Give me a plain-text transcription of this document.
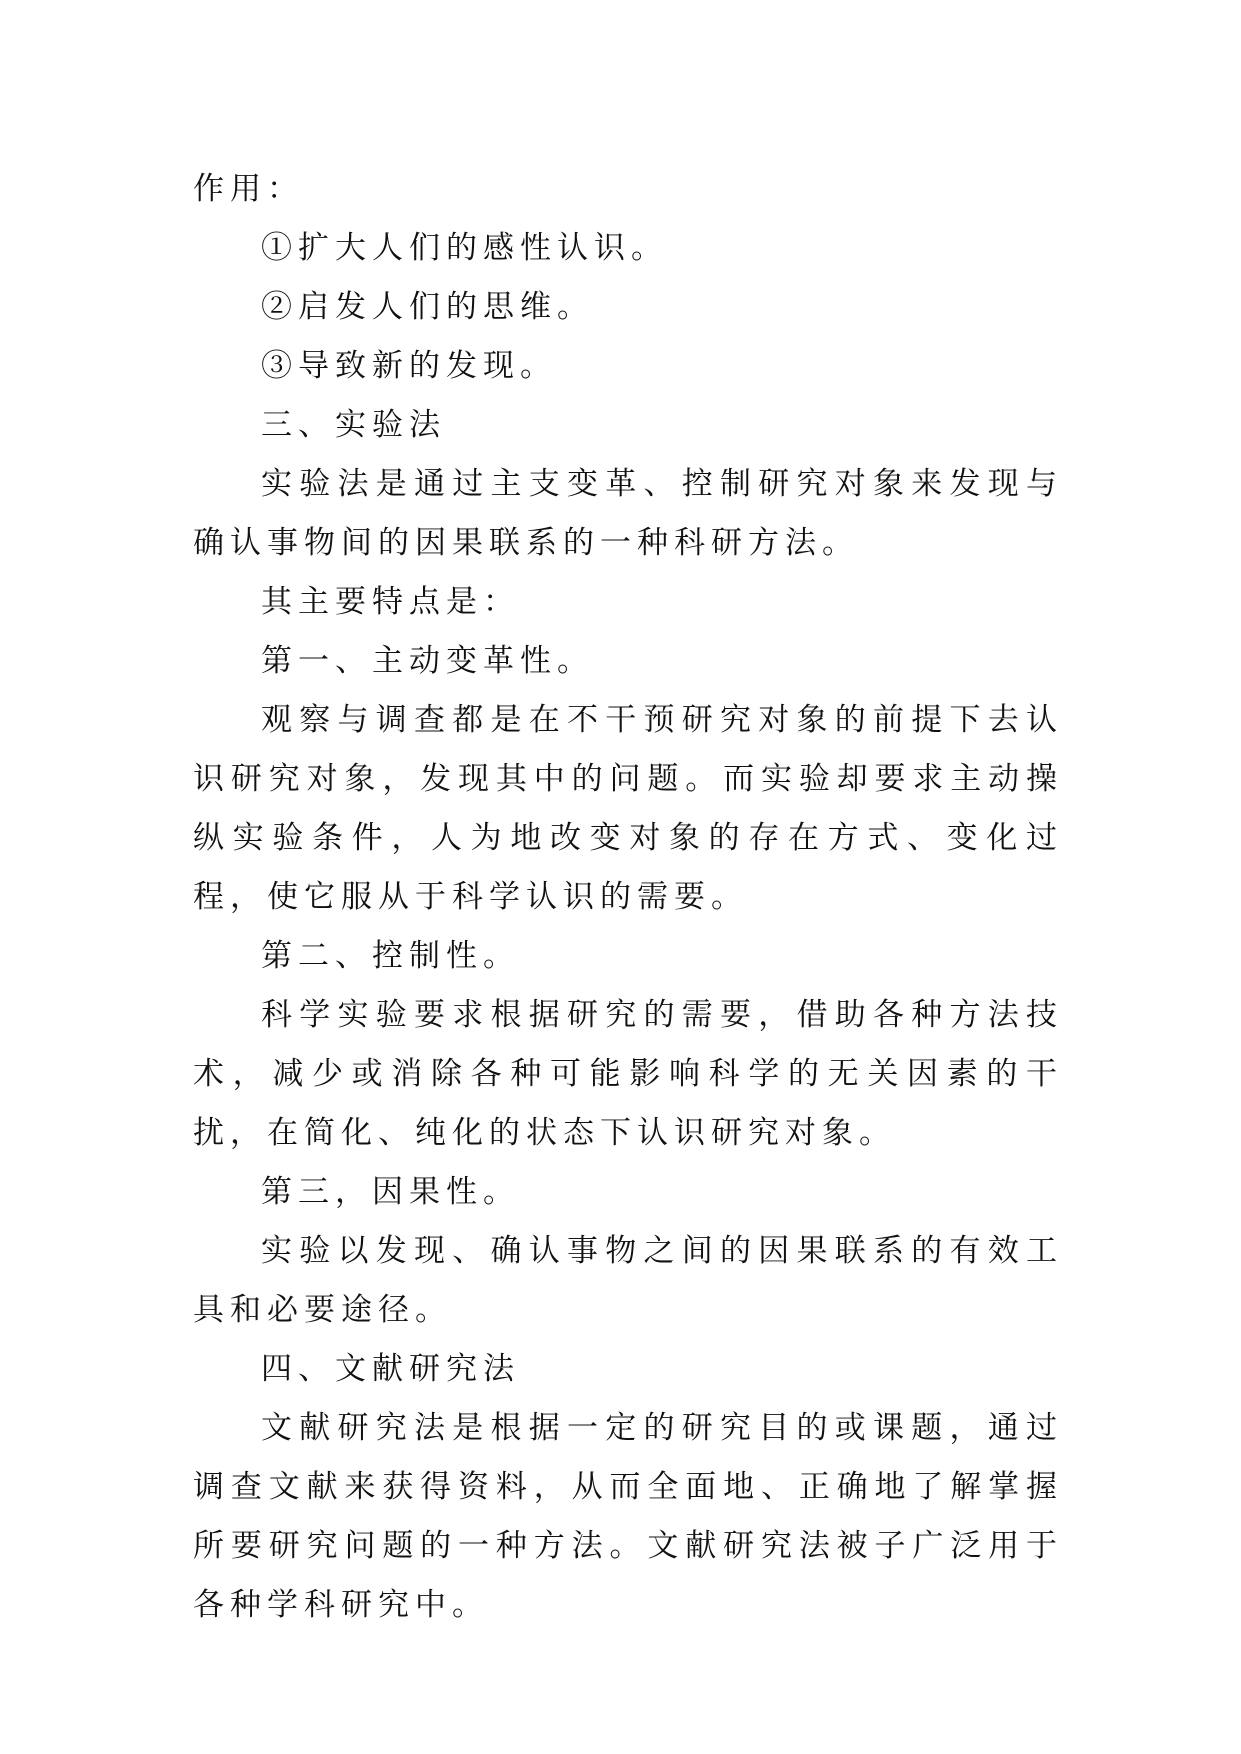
作用：

①扩大人们的感性认识。

②启发人们的思维。

③导致新的发现。

三、实验法

实验法是通过主支变革、控制研究对象来发现与确认事物间的因果联系的一种科研方法。

其主要特点是：

第一、主动变革性。

观察与调查都是在不干预研究对象的前提下去认识研究对象，发现其中的问题。而实验却要求主动操纵实验条件，人为地改变对象的存在方式、变化过程，使它服从于科学认识的需要。

第二、控制性。

科学实验要求根据研究的需要，借助各种方法技术，减少或消除各种可能影响科学的无关因素的干扰，在简化、纯化的状态下认识研究对象。

第三，因果性。

实验以发现、确认事物之间的因果联系的有效工具和必要途径。

四、文献研究法

文献研究法是根据一定的研究目的或课题，通过调查文献来获得资料，从而全面地、正确地了解掌握所要研究问题的一种方法。文献研究法被子广泛用于各种学科研究中。
